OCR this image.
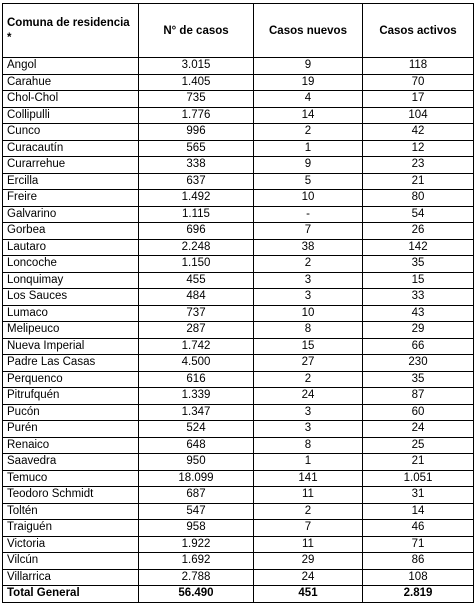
Comuna de residencia *	N° de casos	Casos nuevos	Casos activos
Angol	3.015	9	118
Carahue	1.405	19	70
Chol-Chol	735	4	17
Collipulli	1.776	14	104
Cunco	996	2	42
Curacautín	565	1	12
Curarrehue	338	9	23
Ercilla	637	5	21
Freire	1.492	10	80
Galvarino	1.115	-	54
Gorbea	696	7	26
Lautaro	2.248	38	142
Loncoche	1.150	2	35
Lonquimay	455	3	15
Los Sauces	484	3	33
Lumaco	737	10	43
Melipeuco	287	8	29
Nueva Imperial	1.742	15	66
Padre Las Casas	4.500	27	230
Perquenco	616	2	35
Pitrufquén	1.339	24	87
Pucón	1.347	3	60
Purén	524	3	24
Renaico	648	8	25
Saavedra	950	1	21
Temuco	18.099	141	1.051
Teodoro Schmidt	687	11	31
Toltén	547	2	14
Traiguén	958	7	46
Victoria	1.922	11	71
Vilcún	1.692	29	86
Villarrica	2.788	24	108
Total General	56.490	451	2.819
